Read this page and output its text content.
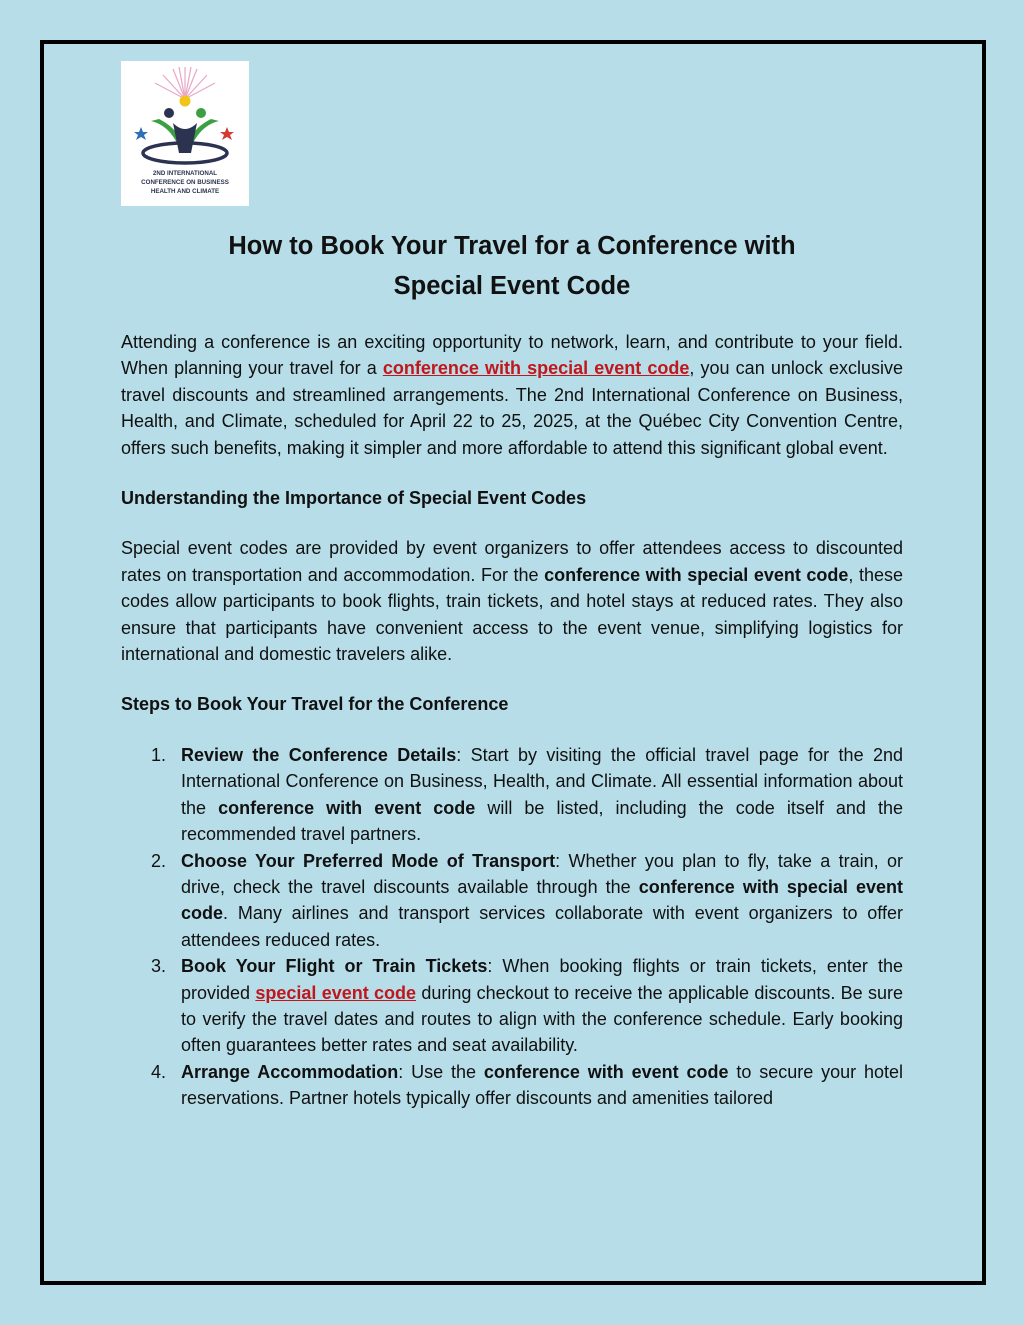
2ND INTERNATIONAL
CONFERENCE ON BUSINESS
HEALTH AND CLIMATE
How to Book Your Travel for a Conference with
Special Event Code

Attending a conference is an exciting opportunity to network, learn, and contribute to your field. When planning your travel for a conference with special event code, you can unlock exclusive travel discounts and streamlined arrangements. The 2nd International Conference on Business, Health, and Climate, scheduled for April 22 to 25, 2025, at the Québec City Convention Centre, offers such benefits, making it simpler and more affordable to attend this significant global event.

Understanding the Importance of Special Event Codes

Special event codes are provided by event organizers to offer attendees access to discounted rates on transportation and accommodation. For the conference with special event code, these codes allow participants to book flights, train tickets, and hotel stays at reduced rates. They also ensure that participants have convenient access to the event venue, simplifying logistics for international and domestic travelers alike.

Steps to Book Your Travel for the Conference
1. Review the Conference Details: Start by visiting the official travel page for the 2nd International Conference on Business, Health, and Climate. All essential information about the conference with event code will be listed, including the code itself and the recommended travel partners.
2. Choose Your Preferred Mode of Transport: Whether you plan to fly, take a train, or drive, check the travel discounts available through the conference with special event code. Many airlines and transport services collaborate with event organizers to offer attendees reduced rates.
3. Book Your Flight or Train Tickets: When booking flights or train tickets, enter the provided special event code during checkout to receive the applicable discounts. Be sure to verify the travel dates and routes to align with the conference schedule. Early booking often guarantees better rates and seat availability.
4. Arrange Accommodation: Use the conference with event code to secure your hotel reservations. Partner hotels typically offer discounts and amenities tailored
